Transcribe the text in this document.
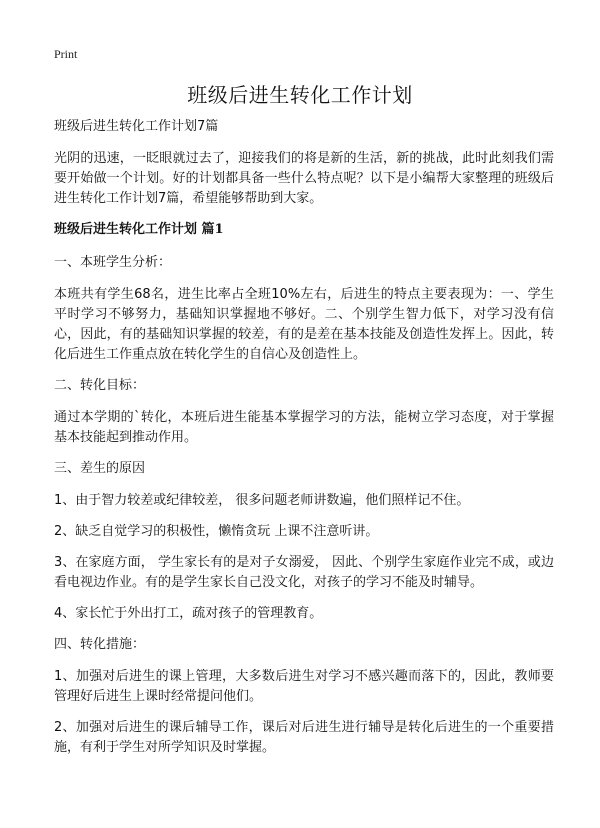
Print
班级后进生转化工作计划

班级后进生转化工作计划7篇

光阴的迅速，一眨眼就过去了，迎接我们的将是新的生活，新的挑战，此时此刻我们需要开始做一个计划。好的计划都具备一些什么特点呢？以下是小编帮大家整理的班级后进生转化工作计划7篇，希望能够帮助到大家。

班级后进生转化工作计划 篇1

一、本班学生分析：

本班共有学生68名，进生比率占全班10%左右，后进生的特点主要表现为：一、学生平时学习不够努力，基础知识掌握地不够好。二、个别学生智力低下，对学习没有信心，因此，有的基础知识掌握的较差，有的是差在基本技能及创造性发挥上。因此，转化后进生工作重点放在转化学生的自信心及创造性上。

二、转化目标：

通过本学期的`转化，本班后进生能基本掌握学习的方法，能树立学习态度，对于掌握基本技能起到推动作用。

三、差生的原因

1、由于智力较差或纪律较差， 很多问题老师讲数遍，他们照样记不住。

2、缺乏自觉学习的积极性，懒惰贪玩 上课不注意听讲。

3、在家庭方面， 学生家长有的是对子女溺爱， 因此、个别学生家庭作业完不成，或边看电视边作业。有的是学生家长自己没文化，对孩子的学习不能及时辅导。

4、家长忙于外出打工，疏对孩子的管理教育。

四、转化措施：

1、加强对后进生的课上管理，大多数后进生对学习不感兴趣而落下的，因此，教师要管理好后进生上课时经常提问他们。

2、加强对后进生的课后辅导工作，课后对后进生进行辅导是转化后进生的一个重要措施，有利于学生对所学知识及时掌握。
